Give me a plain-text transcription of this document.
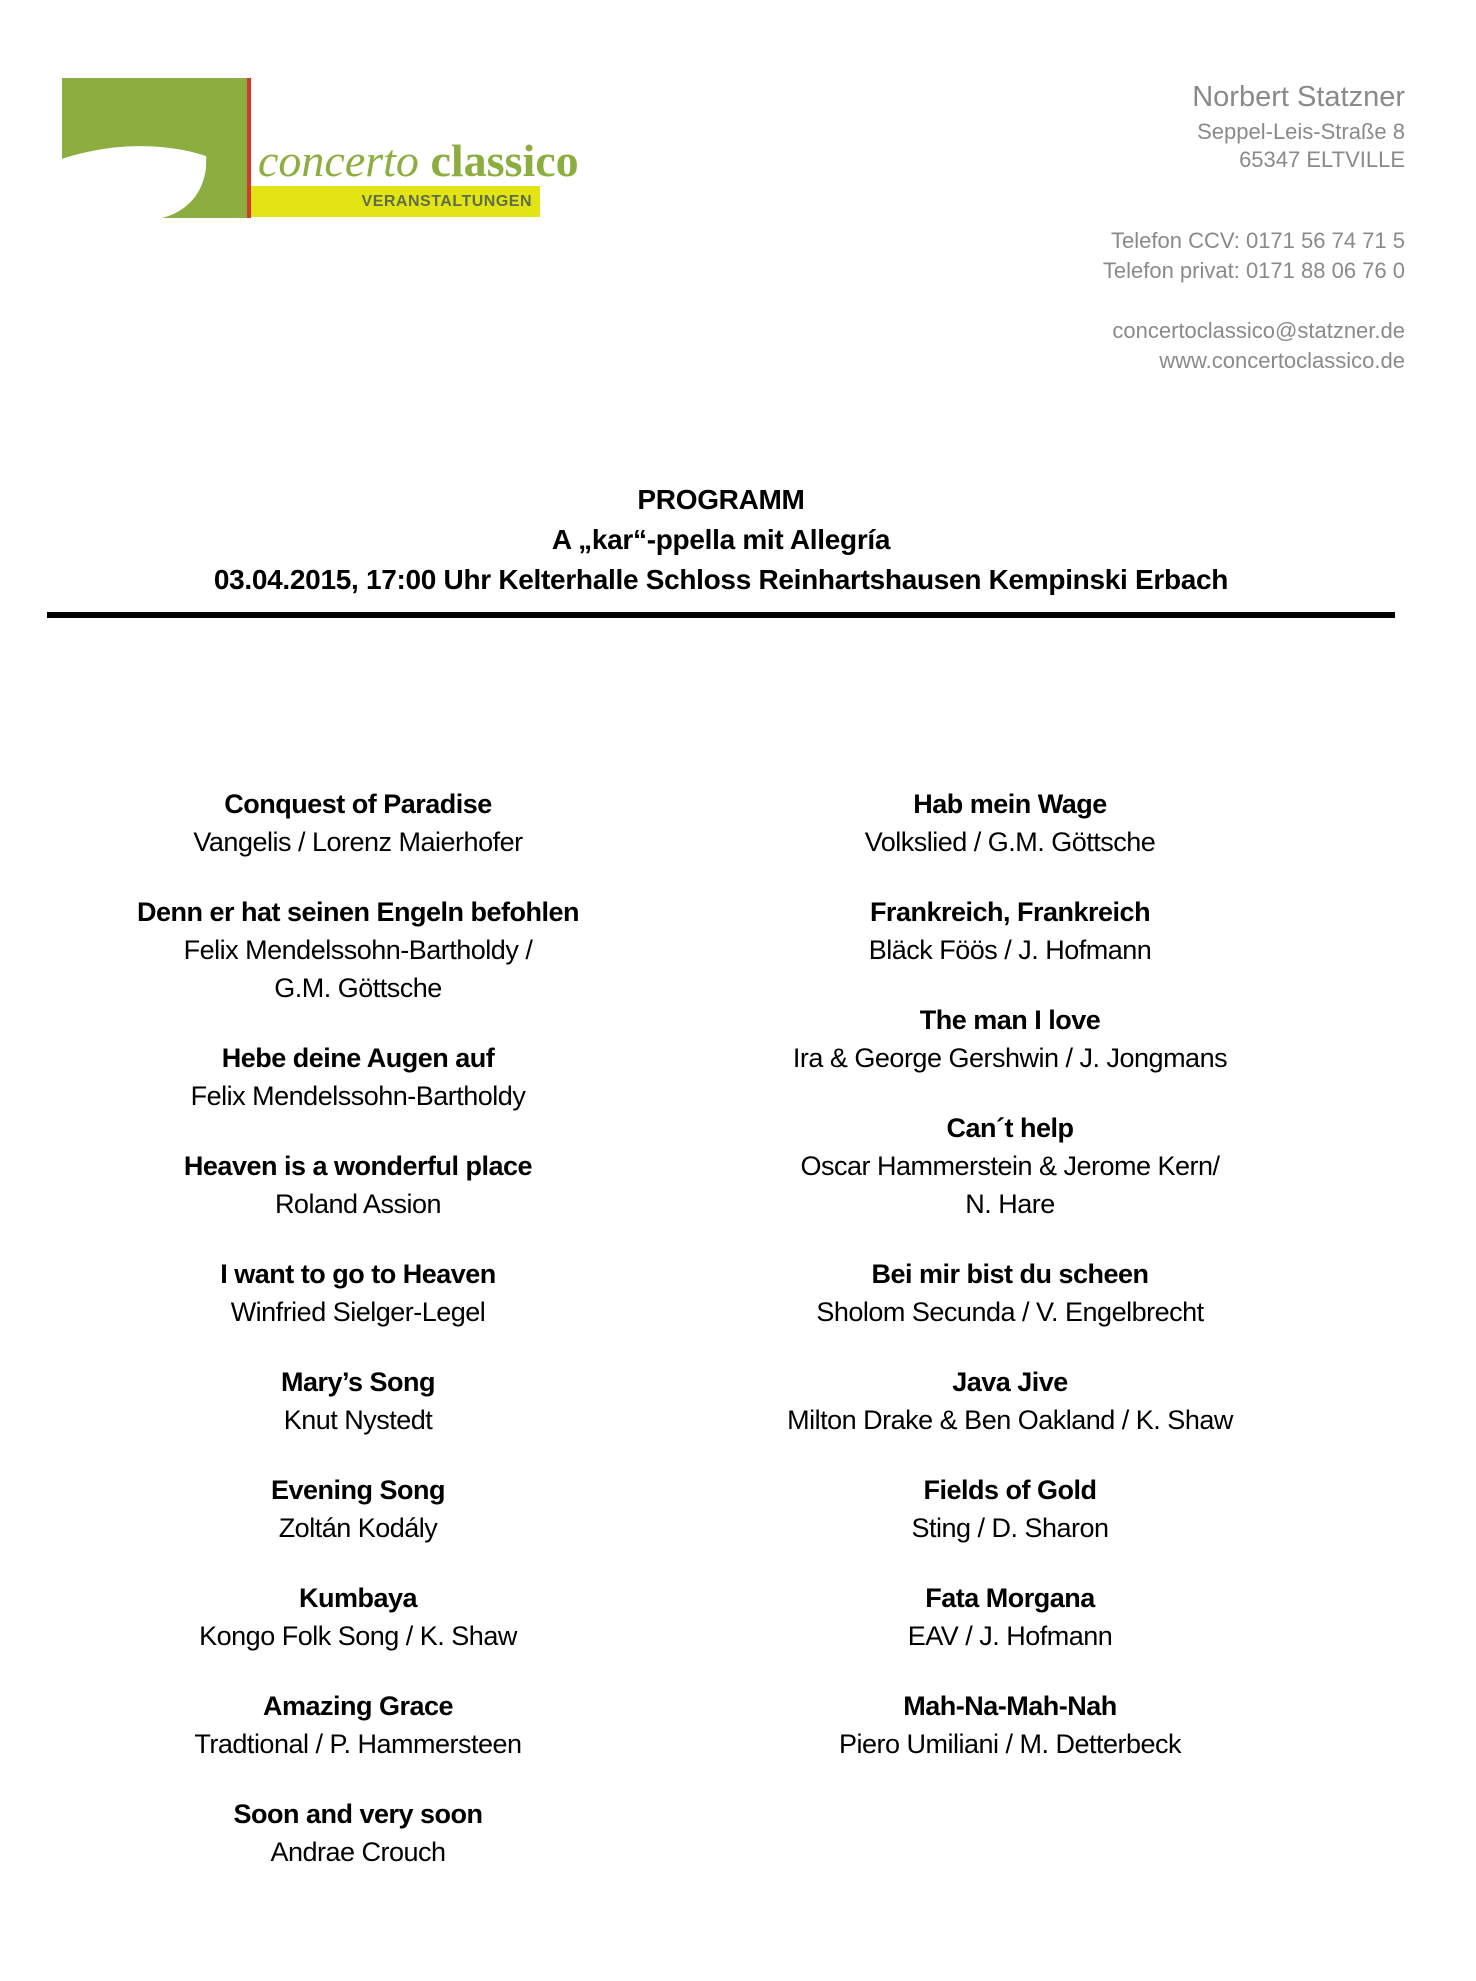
concerto classico
VERANSTALTUNGEN
Norbert Statzner
Seppel-Leis-Straße 8
65347 ELTVILLE
Telefon CCV: 0171 56 74 71 5
Telefon privat: 0171 88 06 76 0
concertoclassico@statzner.de
www.concertoclassico.de
PROGRAMM
A „kar“-ppella mit Allegría
03.04.2015, 17:00 Uhr Kelterhalle Schloss Reinhartshausen Kempinski Erbach
Conquest of Paradise
Vangelis / Lorenz Maierhofer
Denn er hat seinen Engeln befohlen
Felix Mendelssohn-Bartholdy /
G.M. Göttsche
Hebe deine Augen auf
Felix Mendelssohn-Bartholdy
Heaven is a wonderful place
Roland Assion
I want to go to Heaven
Winfried Sielger-Legel
Mary’s Song
Knut Nystedt
Evening Song
Zoltán Kodály
Kumbaya
Kongo Folk Song / K. Shaw
Amazing Grace
Tradtional / P. Hammersteen
Soon and very soon
Andrae Crouch
Hab mein Wage
Volkslied / G.M. Göttsche
Frankreich, Frankreich
Bläck Föös / J. Hofmann
The man I love
Ira & George Gershwin / J. Jongmans
Can´t help
Oscar Hammerstein & Jerome Kern/
N. Hare
Bei mir bist du scheen
Sholom Secunda / V. Engelbrecht
Java Jive
Milton Drake & Ben Oakland / K. Shaw
Fields of Gold
Sting / D. Sharon
Fata Morgana
EAV / J. Hofmann
Mah-Na-Mah-Nah
Piero Umiliani / M. Detterbeck
